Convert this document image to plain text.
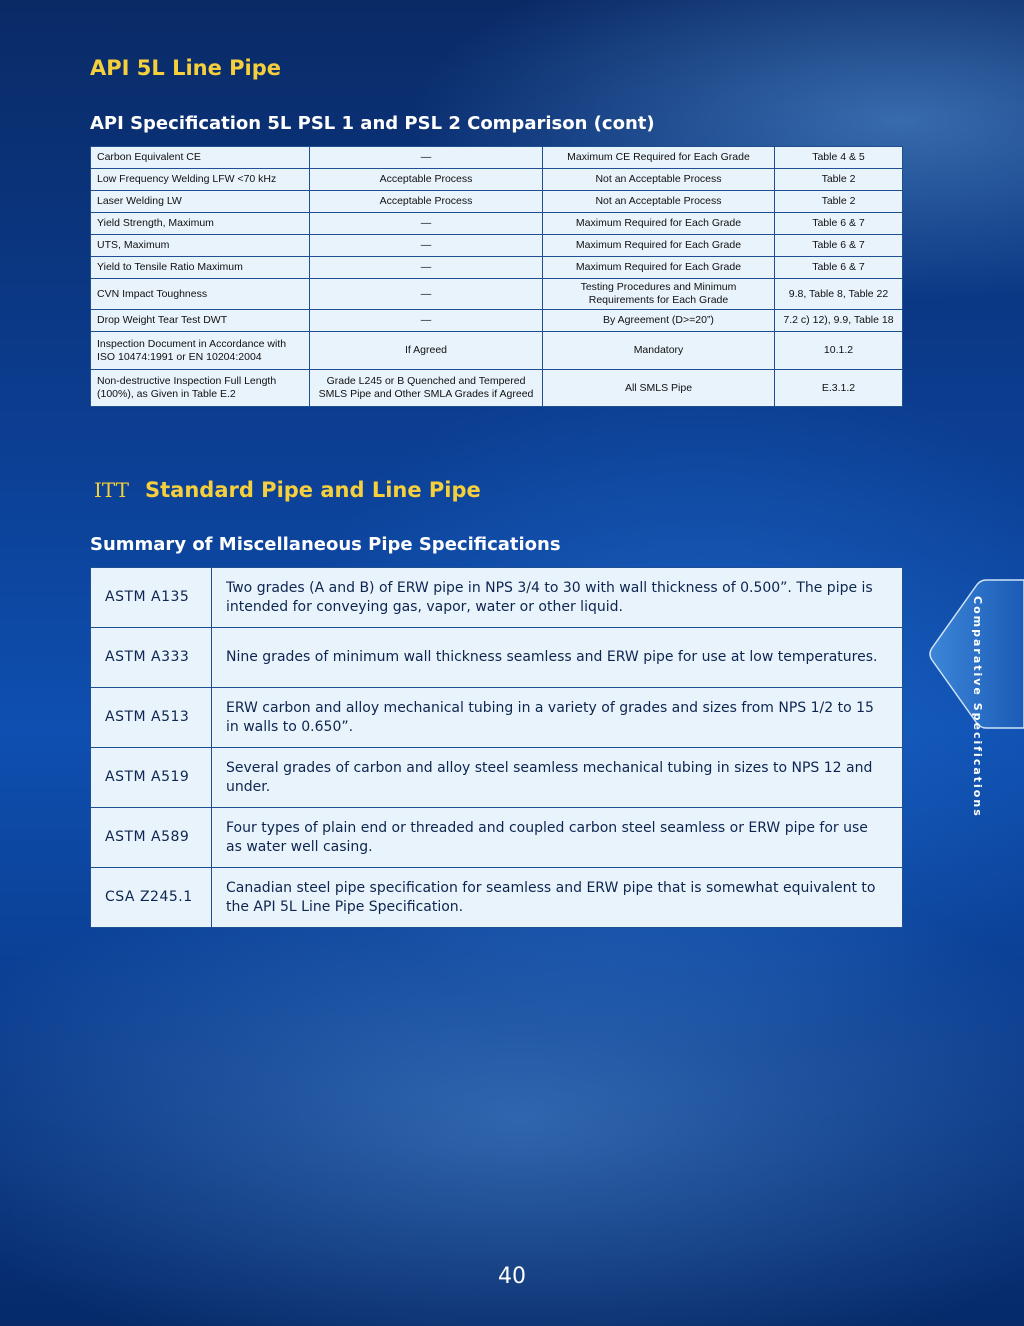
API 5L Line Pipe
API Specification 5L PSL 1 and PSL 2 Comparison (cont)
Carbon Equivalent CE	—	Maximum CE Required for Each Grade	Table 4 & 5
Low Frequency Welding LFW <70 kHz	Acceptable Process	Not an Acceptable Process	Table 2
Laser Welding LW	Acceptable Process	Not an Acceptable Process	Table 2
Yield Strength, Maximum	—	Maximum Required for Each Grade	Table 6 & 7
UTS, Maximum	—	Maximum Required for Each Grade	Table 6 & 7
Yield to Tensile Ratio Maximum	—	Maximum Required for Each Grade	Table 6 & 7
CVN Impact Toughness	—	Testing Procedures and Minimum Requirements for Each Grade	9.8, Table 8, Table 22
Drop Weight Tear Test DWT	—	By Agreement (D>=20”)	7.2 c) 12), 9.9, Table 18
Inspection Document in Accordance with ISO 10474:1991 or EN 10204:2004	If Agreed	Mandatory	10.1.2
Non-destructive Inspection Full Length (100%), as Given in Table E.2	Grade L245 or B Quenched and Tempered SMLS Pipe and Other SMLA Grades if Agreed	All SMLS Pipe	E.3.1.2
ITT Standard Pipe and Line Pipe
Summary of Miscellaneous Pipe Specifications
ASTM A135	Two grades (A and B) of ERW pipe in NPS 3/4 to 30 with wall thickness of 0.500”. The pipe is intended for conveying gas, vapor, water or other liquid.
ASTM A333	Nine grades of minimum wall thickness seamless and ERW pipe for use at low temperatures.
ASTM A513	ERW carbon and alloy mechanical tubing in a variety of grades and sizes from NPS 1/2 to 15 in walls to 0.650”.
ASTM A519	Several grades of carbon and alloy steel seamless mechanical tubing in sizes to NPS 12 and under.
ASTM A589	Four types of plain end or threaded and coupled carbon steel seamless or ERW pipe for use as water well casing.
CSA Z245.1	Canadian steel pipe specification for seamless and ERW pipe that is somewhat equivalent to the API 5L Line Pipe Specification.
Comparative Specifications
40
